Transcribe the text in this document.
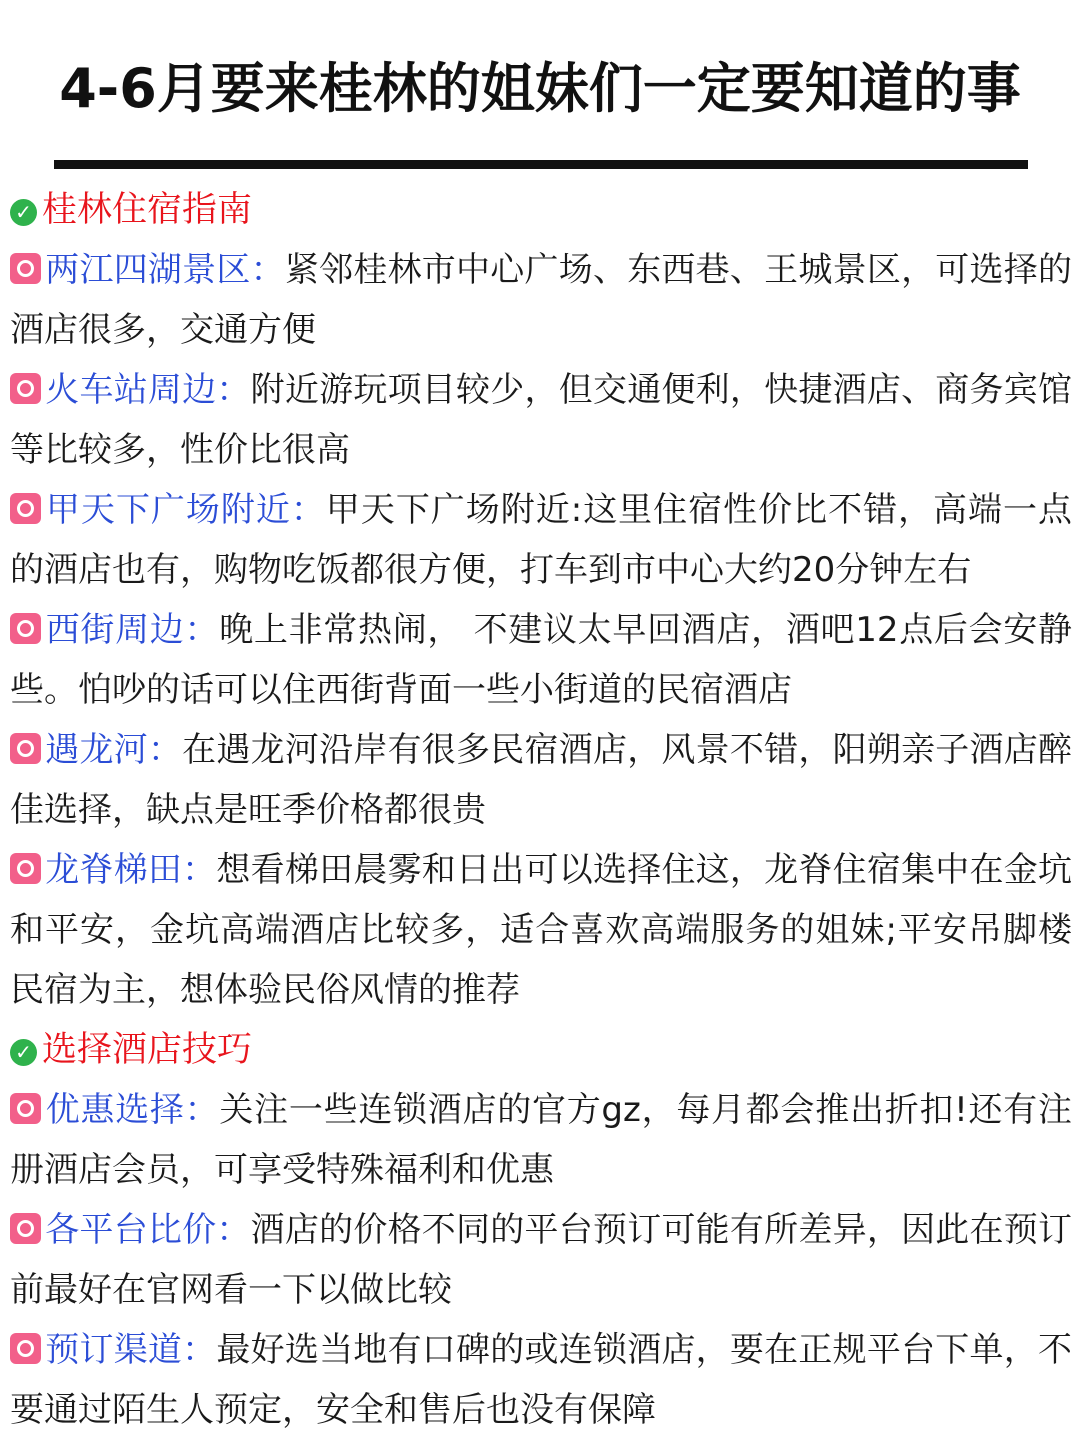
4-6月要来桂林的姐妹们一定要知道的事
✓ 桂林住宿指南
两江四湖景区：紧邻桂林市中心广场、东西巷、王城景区，可选择的酒店很多，交通方便
火车站周边：附近游玩项目较少，但交通便利，快捷酒店、商务宾馆等比较多，性价比很高
甲天下广场附近：甲天下广场附近:这里住宿性价比不错，高端一点的酒店也有，购物吃饭都很方便，打车到市中心大约20分钟左右
西街周边：晚上非常热闹， 不建议太早回酒店，酒吧12点后会安静些。怕吵的话可以住西街背面一些小街道的民宿酒店
遇龙河：在遇龙河沿岸有很多民宿酒店，风景不错，阳朔亲子酒店醉佳选择，缺点是旺季价格都很贵
龙脊梯田：想看梯田晨雾和日出可以选择住这，龙脊住宿集中在金坑和平安，金坑高端酒店比较多，适合喜欢高端服务的姐妹;平安吊脚楼民宿为主，想体验民俗风情的推荐
✓ 选择酒店技巧
优惠选择：关注一些连锁酒店的官方gz，每月都会推出折扣!还有注册酒店会员，可享受特殊福利和优惠
各平台比价：酒店的价格不同的平台预订可能有所差异，因此在预订前最好在官网看一下以做比较
预订渠道：最好选当地有口碑的或连锁酒店，要在正规平台下单，不要通过陌生人预定，安全和售后也没有保障
